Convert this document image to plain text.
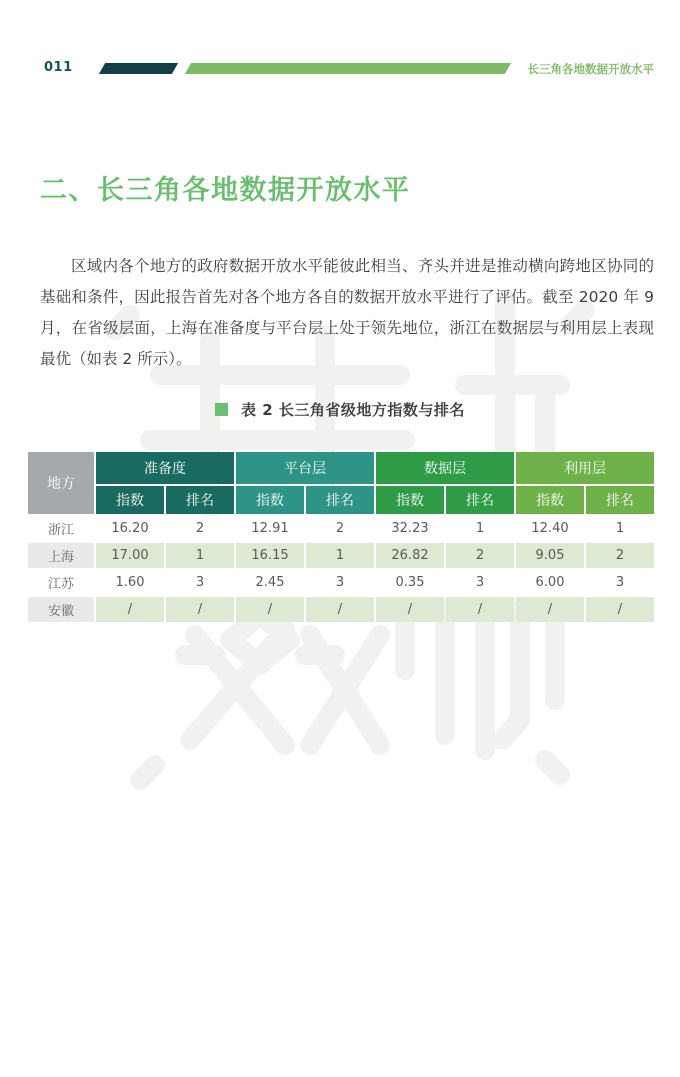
011	长三角各地数据开放水平
二、长三角各地数据开放水平
区域内各个地方的政府数据开放水平能彼此相当、齐头并进是推动横向跨地区协同的基础和条件，因此报告首先对各个地方各自的数据开放水平进行了评估。截至 2020 年 9 月，在省级层面，上海在准备度与平台层上处于领先地位，浙江在数据层与利用层上表现最优（如表 2 所示）。
表 2 长三角省级地方指数与排名
地方	准备度		平台层		数据层		利用层	
	指数	排名	指数	排名	指数	排名	指数	排名
浙江	16.20	2	12.91	2	32.23	1	12.40	1
上海	17.00	1	16.15	1	26.82	2	9.05	2
江苏	1.60	3	2.45	3	0.35	3	6.00	3
安徽	/	/	/	/	/	/	/	/
